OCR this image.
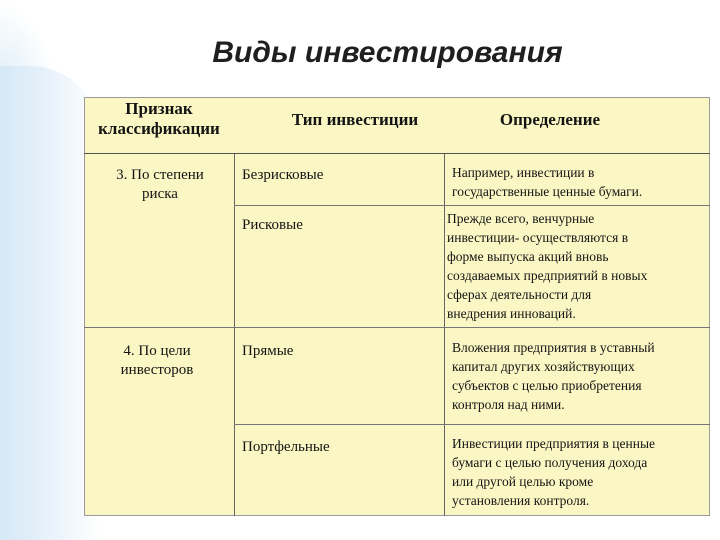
Виды инвестирования
Признак
классификации	Тип инвестиции	Определение
3. По степени
риска
Безрисковые	Например, инвестиции в
государственные ценные бумаги.
Рисковые	Прежде всего, венчурные
инвестиции- осуществляются в
форме выпуска акций вновь
создаваемых предприятий в новых
сферах деятельности для
внедрения инноваций.
4. По цели
инвесторов
Прямые	Вложения предприятия в уставный
капитал других хозяйствующих
субъектов с целью приобретения
контроля над ними.
Портфельные	Инвестиции предприятия в ценные
бумаги с целью получения дохода
или другой целью кроме
установления контроля.
